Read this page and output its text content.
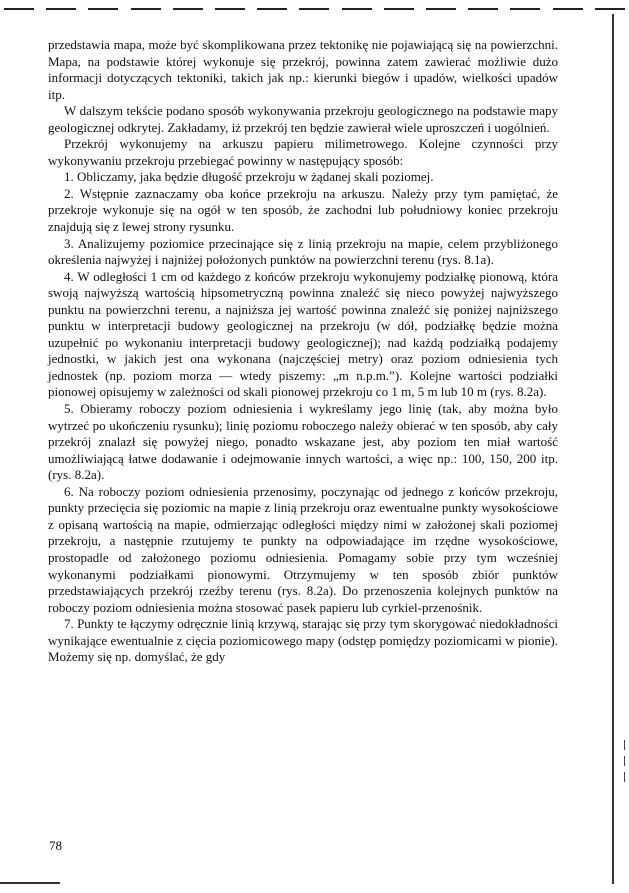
przedstawia mapa, może być skomplikowana przez tektonikę nie pojawiającą się na powierzchni. Mapa, na podstawie której wykonuje się przekrój, powinna zatem zawierać możliwie dużo informacji dotyczących tektoniki, takich jak np.: kierunki biegów i upadów, wielkości upadów itp.

W dalszym tekście podano sposób wykonywania przekroju geologicznego na podstawie mapy geologicznej odkrytej. Zakładamy, iż przekrój ten będzie zawierał wiele uproszczeń i uogólnień.

Przekrój wykonujemy na arkuszu papieru milimetrowego. Kolejne czynności przy wykonywaniu przekroju przebiegać powinny w następujący sposób:

1. Obliczamy, jaka będzie długość przekroju w żądanej skali poziomej.

2. Wstępnie zaznaczamy oba końce przekroju na arkuszu. Należy przy tym pamiętać, że przekroje wykonuje się na ogół w ten sposób, że zachodni lub południowy koniec przekroju znajdują się z lewej strony rysunku.

3. Analizujemy poziomice przecinające się z linią przekroju na mapie, celem przybliżonego określenia najwyżej i najniżej położonych punktów na powierzchni terenu (rys. 8.1a).

4. W odległości 1 cm od każdego z końców przekroju wykonujemy podziałkę pionową, która swoją najwyższą wartością hipsometryczną powinna znaleźć się nieco powyżej najwyższego punktu na powierzchni terenu, a najniższa jej wartość powinna znaleźć się poniżej najniższego punktu w interpretacji budowy geologicznej na przekroju (w dół, podziałkę będzie można uzupełnić po wykonaniu interpretacji budowy geologicznej); nad każdą podziałką podajemy jednostki, w jakich jest ona wykonana (najczęściej metry) oraz poziom odniesienia tych jednostek (np. poziom morza — wtedy piszemy: „m n.p.m.”). Kolejne wartości podziałki pionowej opisujemy w zależności od skali pionowej przekroju co 1 m, 5 m lub 10 m (rys. 8.2a).

5. Obieramy roboczy poziom odniesienia i wykreślamy jego linię (tak, aby można było wytrzeć po ukończeniu rysunku); linię poziomu roboczego należy obierać w ten sposób, aby cały przekrój znalazł się powyżej niego, ponadto wskazane jest, aby poziom ten miał wartość umożliwiającą łatwe dodawanie i odejmowanie innych wartości, a więc np.: 100, 150, 200 itp. (rys. 8.2a).

6. Na roboczy poziom odniesienia przenosimy, poczynając od jednego z końców przekroju, punkty przecięcia się poziomic na mapie z linią przekroju oraz ewentualne punkty wysokościowe z opisaną wartością na mapie, odmierzając odległości między nimi w założonej skali poziomej przekroju, a następnie rzutujemy te punkty na odpowiadające im rzędne wysokościowe, prostopadle od założonego poziomu odniesienia. Pomagamy sobie przy tym wcześniej wykonanymi podziałkami pionowymi. Otrzymujemy w ten sposób zbiór punktów przedstawiających przekrój rzeźby terenu (rys. 8.2a). Do przenoszenia kolejnych punktów na roboczy poziom odniesienia można stosować pasek papieru lub cyrkiel-przenośnik.

7. Punkty te łączymy odręcznie linią krzywą, starając się przy tym skorygować niedokładności wynikające ewentualnie z cięcia poziomicowego mapy (odstęp pomiędzy poziomicami w pionie). Możemy się np. domyślać, że gdy

78
